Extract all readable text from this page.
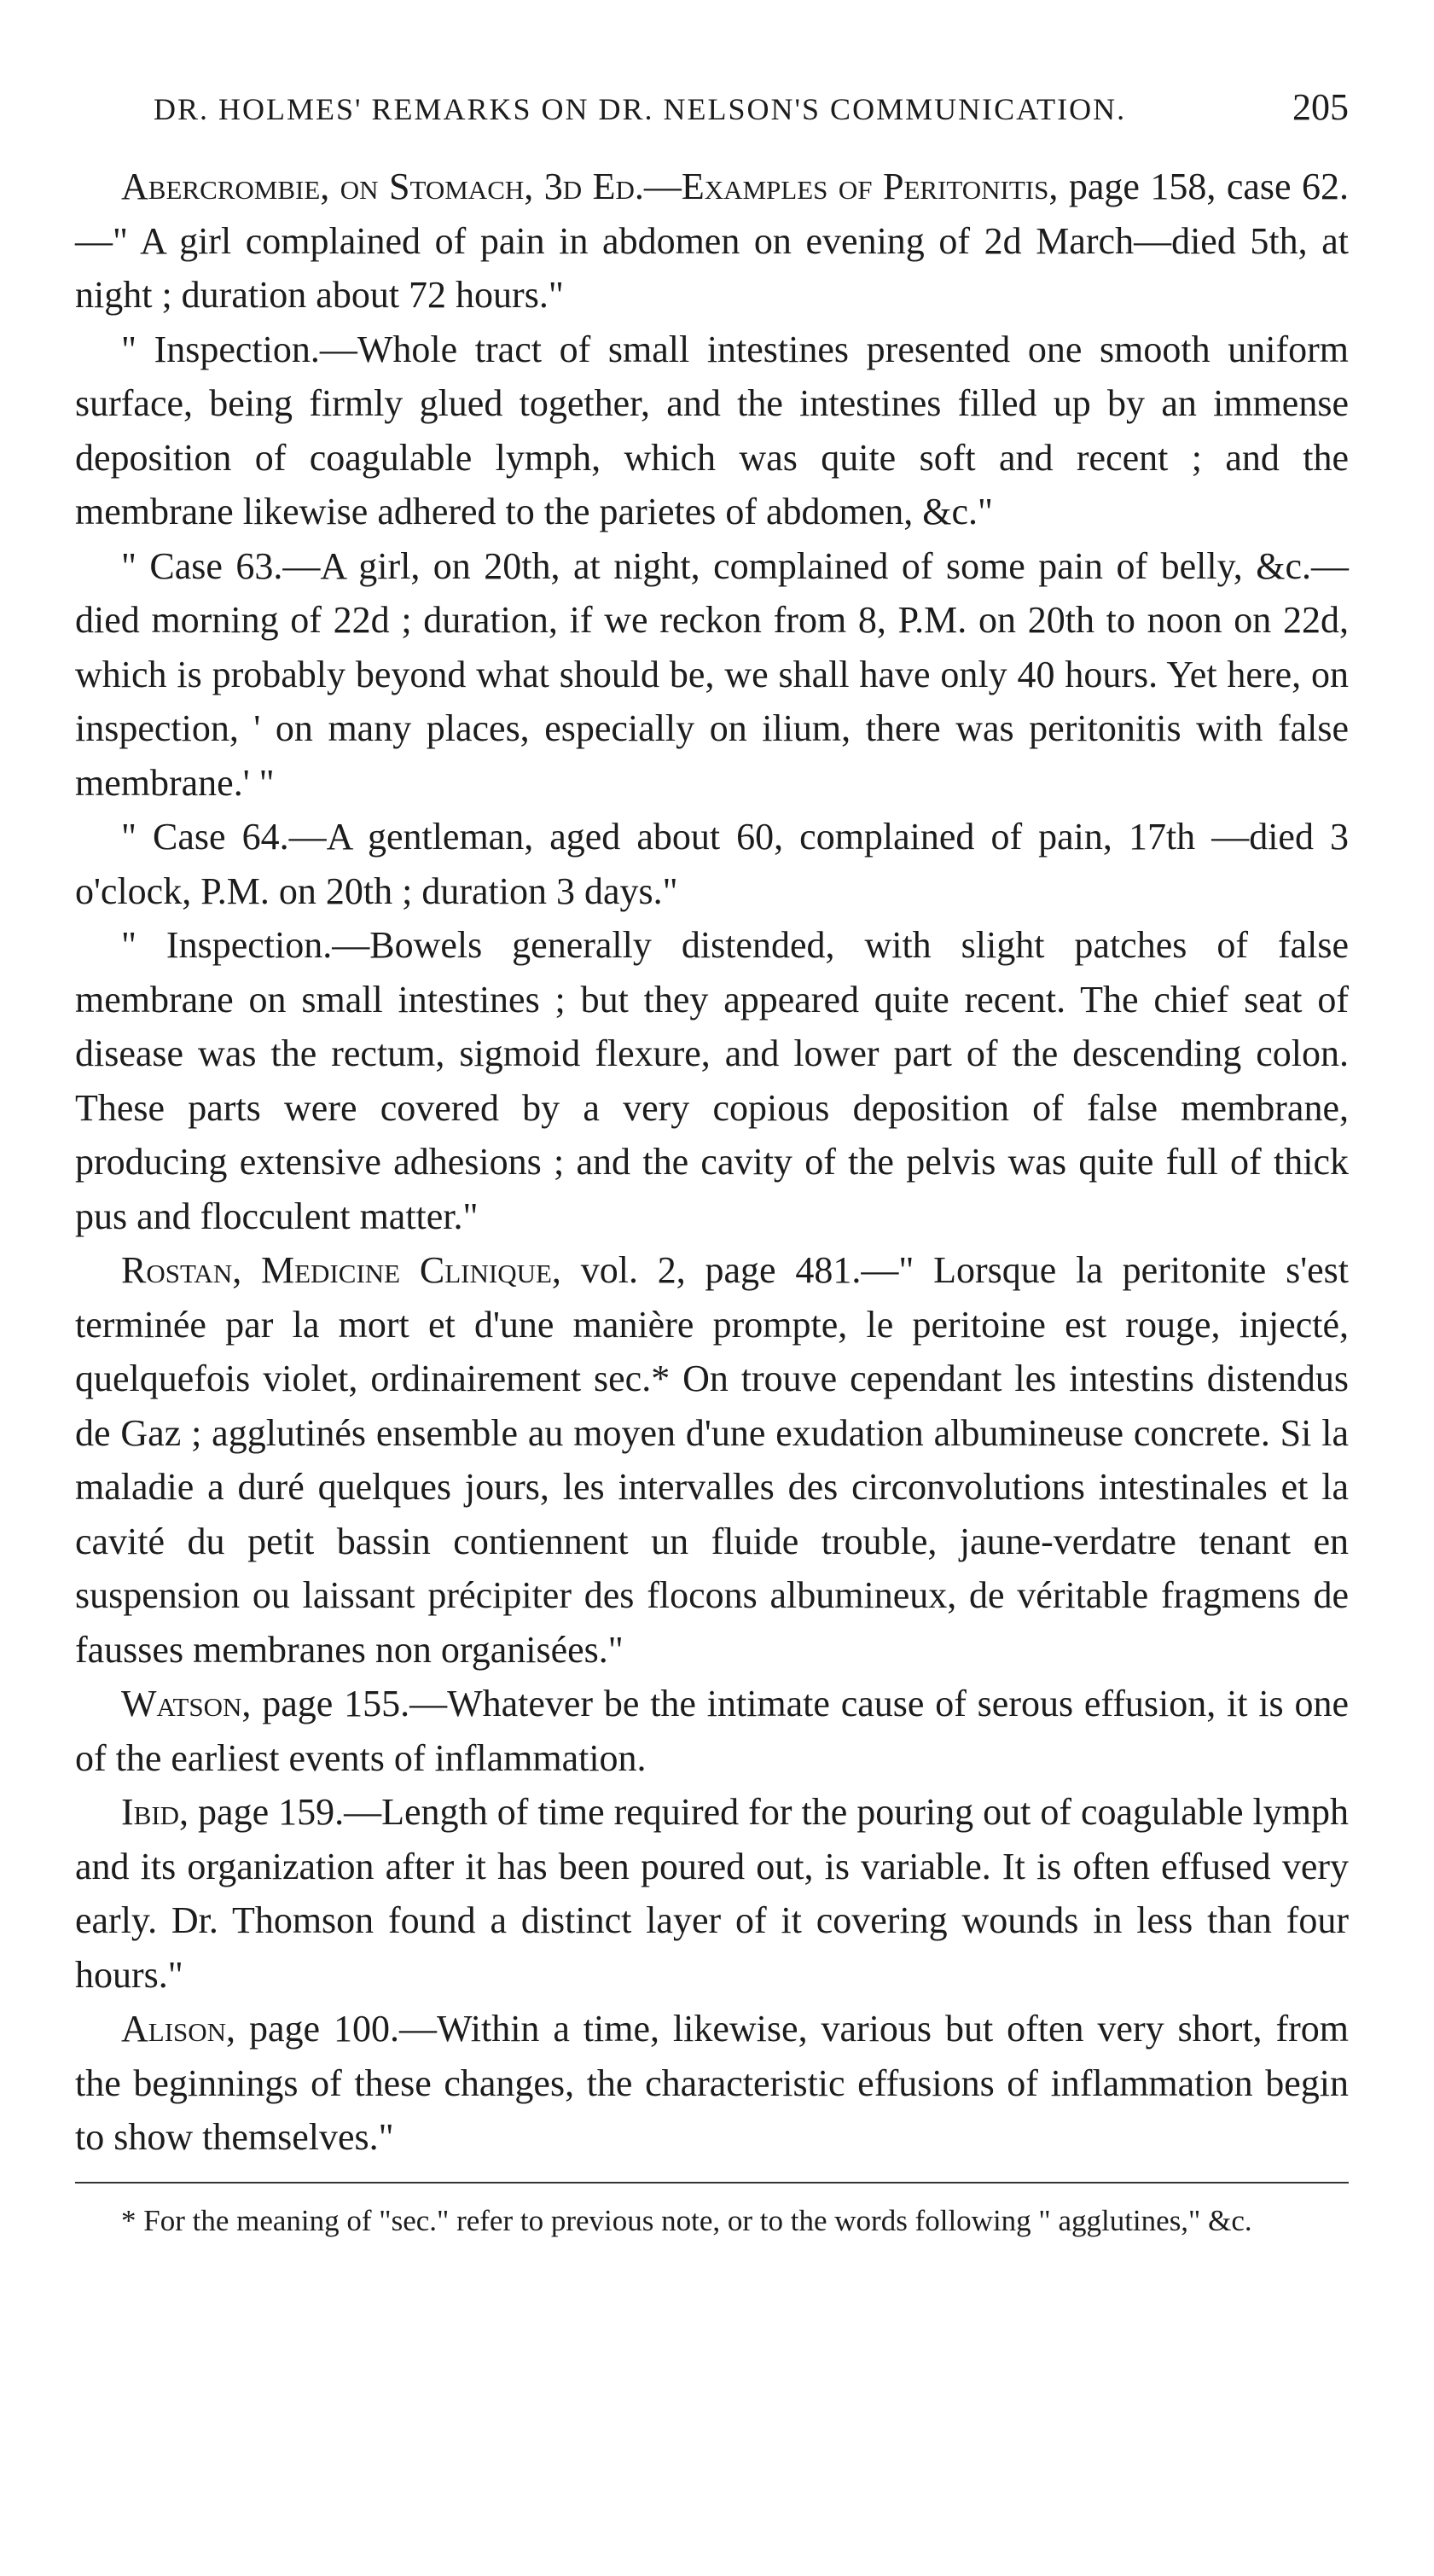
DR. HOLMES' REMARKS ON DR. NELSON'S COMMUNICATION.	205

Abercrombie, on Stomach, 3d Ed.—Examples of Peritonitis, page 158, case 62.—" A girl complained of pain in abdomen on evening of 2d March—died 5th, at night ; duration about 72 hours."

" Inspection.—Whole tract of small intestines presented one smooth uniform surface, being firmly glued together, and the intestines filled up by an immense deposition of coagulable lymph, which was quite soft and recent ; and the membrane likewise adhered to the parietes of abdomen, &c."

" Case 63.—A girl, on 20th, at night, complained of some pain of belly, &c.—died morning of 22d ; duration, if we reckon from 8, P.M. on 20th to noon on 22d, which is probably beyond what should be, we shall have only 40 hours. Yet here, on inspection, ' on many places, especially on ilium, there was peritonitis with false membrane.' "

" Case 64.—A gentleman, aged about 60, complained of pain, 17th —died 3 o'clock, P.M. on 20th ; duration 3 days."

" Inspection.—Bowels generally distended, with slight patches of false membrane on small intestines ; but they appeared quite recent. The chief seat of disease was the rectum, sigmoid flexure, and lower part of the descending colon. These parts were covered by a very copious deposition of false membrane, producing extensive adhesions ; and the cavity of the pelvis was quite full of thick pus and flocculent matter."

Rostan, Medicine Clinique, vol. 2, page 481.—" Lorsque la peritonite s'est terminée par la mort et d'une manière prompte, le peritoine est rouge, injecté, quelquefois violet, ordinairement sec.* On trouve cependant les intestins distendus de Gaz ; agglutinés ensemble au moyen d'une exudation albumineuse concrete. Si la maladie a duré quelques jours, les intervalles des circonvolutions intestinales et la cavité du petit bassin contiennent un fluide trouble, jaune-verdatre tenant en suspension ou laissant précipiter des flocons albumineux, de véritable fragmens de fausses membranes non organisées."

Watson, page 155.—Whatever be the intimate cause of serous effusion, it is one of the earliest events of inflammation.

Ibid, page 159.—Length of time required for the pouring out of coagulable lymph and its organization after it has been poured out, is variable. It is often effused very early. Dr. Thomson found a distinct layer of it covering wounds in less than four hours."

Alison, page 100.—Within a time, likewise, various but often very short, from the beginnings of these changes, the characteristic effusions of inflammation begin to show themselves."

* For the meaning of "sec." refer to previous note, or to the words following " agglutines," &c.
